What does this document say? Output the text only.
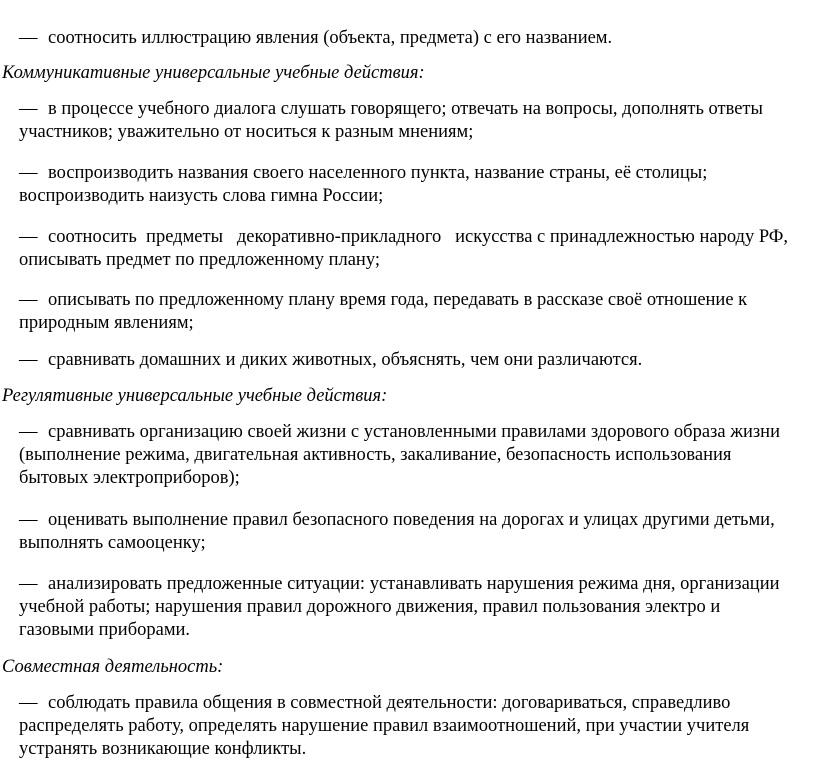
— соотносить иллюстрацию явления (объекта, предмета) с его названием.
Коммуникативные универсальные учебные действия:
— в процессе учебного диалога слушать говорящего; отвечать на вопросы, дополнять ответы
участников; уважительно от носиться к разным мнениям;
— воспроизводить названия своего населенного пункта, название страны, её столицы;
воспроизводить наизусть слова гимна России;
— соотносить  предметы   декоративно-прикладного   искусства с принадлежностью народу РФ,
описывать предмет по предложенному плану;
— описывать по предложенному плану время года, передавать в рассказе своё отношение к
природным явлениям;
— сравнивать домашних и диких животных, объяснять, чем они различаются.
Регулятивные универсальные учебные действия:
— сравнивать организацию своей жизни с установленными правилами здорового образа жизни
(выполнение режима, двигательная активность, закаливание, безопасность использования
бытовых электроприборов);
— оценивать выполнение правил безопасного поведения на дорогах и улицах другими детьми,
выполнять самооценку;
— анализировать предложенные ситуации: устанавливать нарушения режима дня, организации
учебной работы; нарушения правил дорожного движения, правил пользования электро и
газовыми приборами.
Совместная деятельность:
— соблюдать правила общения в совместной деятельности: договариваться, справедливо
распределять работу, определять нарушение правил взаимоотношений, при участии учителя
устранять возникающие конфликты.
